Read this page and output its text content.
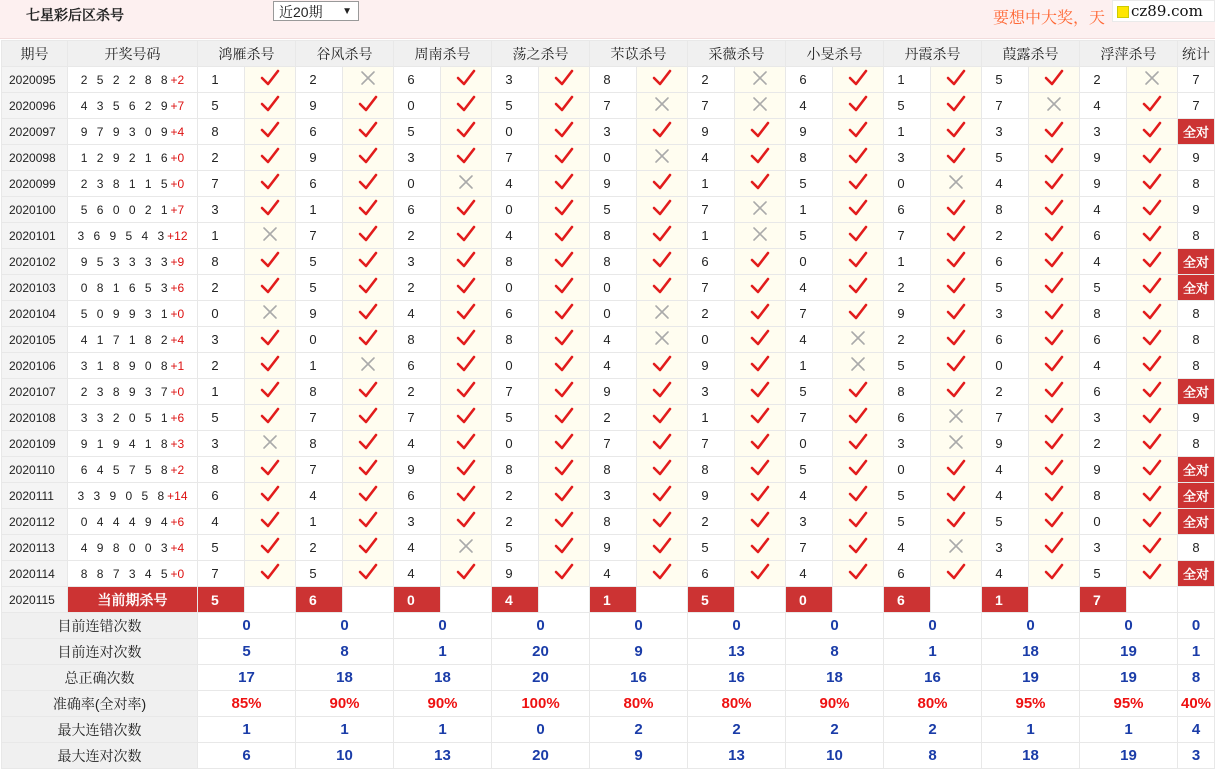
七星彩后区杀号	近20期 ▼	要想中大奖，天	cz89.com
期号	开奖号码	鸿雁杀号		谷风杀号		周南杀号		荡之杀号		芣苡杀号		采薇杀号		小旻杀号		丹霞杀号		葭露杀号		浮萍杀号		统计
2020095	2 5 2 2 8 8+2	1		2		6		3		8		2		6		1		5		2		7
2020096	4 3 5 6 2 9+7	5		9		0		5		7		7		4		5		7		4		7
2020097	9 7 9 3 0 9+4	8		6		5		0		3		9		9		1		3		3		全对
2020098	1 2 9 2 1 6+0	2		9		3		7		0		4		8		3		5		9		9
2020099	2 3 8 1 1 5+0	7		6		0		4		9		1		5		0		4		9		8
2020100	5 6 0 0 2 1+7	3		1		6		0		5		7		1		6		8		4		9
2020101	3 6 9 5 4 3+12	1		7		2		4		8		1		5		7		2		6		8
2020102	9 5 3 3 3 3+9	8		5		3		8		8		6		0		1		6		4		全对
2020103	0 8 1 6 5 3+6	2		5		2		0		0		7		4		2		5		5		全对
2020104	5 0 9 9 3 1+0	0		9		4		6		0		2		7		9		3		8		8
2020105	4 1 7 1 8 2+4	3		0		8		8		4		0		4		2		6		6		8
2020106	3 1 8 9 0 8+1	2		1		6		0		4		9		1		5		0		4		8
2020107	2 3 8 9 3 7+0	1		8		2		7		9		3		5		8		2		6		全对
2020108	3 3 2 0 5 1+6	5		7		7		5		2		1		7		6		7		3		9
2020109	9 1 9 4 1 8+3	3		8		4		0		7		7		0		3		9		2		8
2020110	6 4 5 7 5 8+2	8		7		9		8		8		8		5		0		4		9		全对
2020111	3 3 9 0 5 8+14	6		4		6		2		3		9		4		5		4		8		全对
2020112	0 4 4 4 9 4+6	4		1		3		2		8		2		3		5		5		0		全对
2020113	4 9 8 0 0 3+4	5		2		4		5		9		5		7		4		3		3		8
2020114	8 8 7 3 4 5+0	7		5		4		9		4		6		4		6		4		5		全对
2020115	当前期杀号	5		6		0		4		1		5		0		6		1		7		
目前连错次数		0		0		0		0		0		0		0		0		0		0		0
目前连对次数		5		8		1		20		9		13		8		1		18		19		1
总正确次数		17		18		18		20		16		16		18		16		19		19		8
准确率(全对率)		85%		90%		90%		100%		80%		80%		90%		80%		95%		95%		40%
最大连错次数		1		1		1		0		2		2		2		2		1		1		4
最大连对次数		6		10		13		20		9		13		10		8		18		19		3
